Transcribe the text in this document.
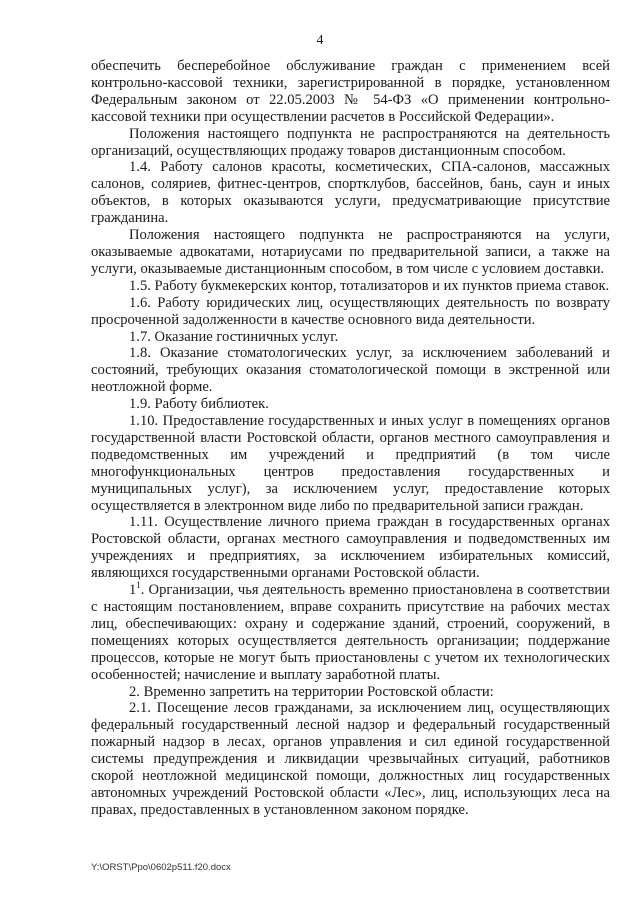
4

обеспечить бесперебойное обслуживание граждан с применением всей контрольно-кассовой техники, зарегистрированной в порядке, установленном Федеральным законом от 22.05.2003 № 54-ФЗ «О применении контрольно-кассовой техники при осуществлении расчетов в Российской Федерации».

Положения настоящего подпункта не распространяются на деятельность организаций, осуществляющих продажу товаров дистанционным способом.

1.4. Работу салонов красоты, косметических, СПА-салонов, массажных салонов, соляриев, фитнес-центров, спортклубов, бассейнов, бань, саун и иных объектов, в которых оказываются услуги, предусматривающие присутствие гражданина.

Положения настоящего подпункта не распространяются на услуги, оказываемые адвокатами, нотариусами по предварительной записи, а также на услуги, оказываемые дистанционным способом, в том числе с условием доставки.

1.5. Работу букмекерских контор, тотализаторов и их пунктов приема ставок.

1.6. Работу юридических лиц, осуществляющих деятельность по возврату просроченной задолженности в качестве основного вида деятельности.

1.7. Оказание гостиничных услуг.

1.8. Оказание стоматологических услуг, за исключением заболеваний и состояний, требующих оказания стоматологической помощи в экстренной или неотложной форме.

1.9. Работу библиотек.

1.10. Предоставление государственных и иных услуг в помещениях органов государственной власти Ростовской области, органов местного самоуправления и подведомственных им учреждений и предприятий (в том числе многофункциональных центров предоставления государственных и муниципальных услуг), за исключением услуг, предоставление которых осуществляется в электронном виде либо по предварительной записи граждан.

1.11. Осуществление личного приема граждан в государственных органах Ростовской области, органах местного самоуправления и подведомственных им учреждениях и предприятиях, за исключением избирательных комиссий, являющихся государственными органами Ростовской области.

$1^1$. Организации, чья деятельность временно приостановлена в соответствии с настоящим постановлением, вправе сохранить присутствие на рабочих местах лиц, обеспечивающих: охрану и содержание зданий, строений, сооружений, в помещениях которых осуществляется деятельность организации; поддержание процессов, которые не могут быть приостановлены с учетом их технологических особенностей; начисление и выплату заработной платы.

2. Временно запретить на территории Ростовской области:

2.1. Посещение лесов гражданами, за исключением лиц, осуществляющих федеральный государственный лесной надзор и федеральный государственный пожарный надзор в лесах, органов управления и сил единой государственной системы предупреждения и ликвидации чрезвычайных ситуаций, работников скорой неотложной медицинской помощи, должностных лиц государственных автономных учреждений Ростовской области «Лес», лиц, использующих леса на правах, предоставленных в установленном законом порядке.

Y:\ORST\Ppo\0602p511.f20.docx
